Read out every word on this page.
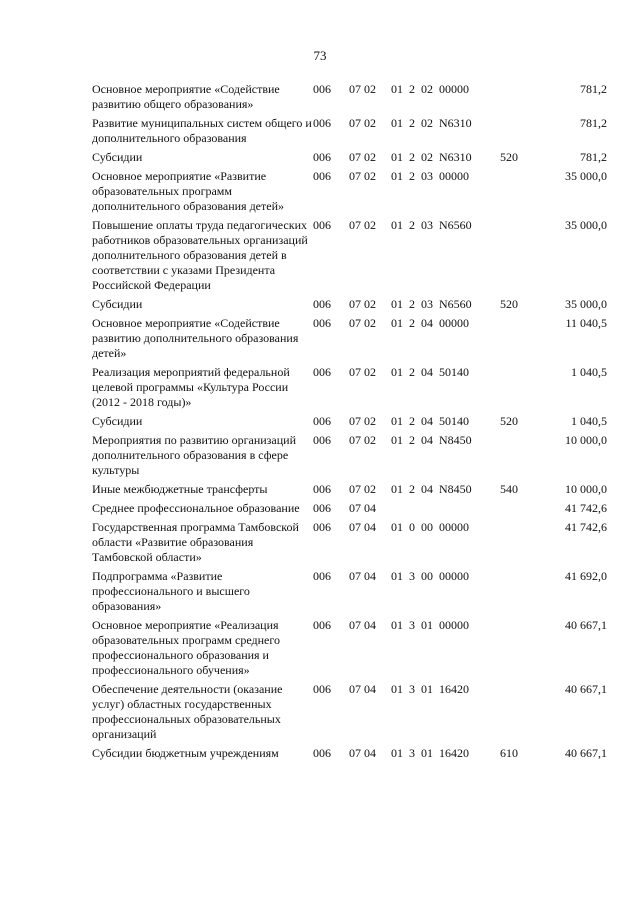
73
Основное мероприятие «Содействие развитию общего образования»	006	07 02	01  2  02  00000		781,2
Развитие муниципальных систем общего и дополнительного образования	006	07 02	01  2  02  N6310		781,2
Субсидии	006	07 02	01  2  02  N6310	520	781,2
Основное мероприятие «Развитие образовательных программ дополнительного образования детей»	006	07 02	01  2  03  00000		35 000,0
Повышение оплаты труда педагогических работников образовательных организаций дополнительного образования детей в соответствии с указами Президента Российской Федерации	006	07 02	01  2  03  N6560		35 000,0
Субсидии	006	07 02	01  2  03  N6560	520	35 000,0
Основное мероприятие «Содействие развитию дополнительного образования детей»	006	07 02	01  2  04  00000		11 040,5
Реализация мероприятий федеральной целевой программы «Культура России (2012 - 2018 годы)»	006	07 02	01  2  04  50140		1 040,5
Субсидии	006	07 02	01  2  04  50140	520	1 040,5
Мероприятия по развитию организаций дополнительного образования в сфере культуры	006	07 02	01  2  04  N8450		10 000,0
Иные межбюджетные трансферты	006	07 02	01  2  04  N8450	540	10 000,0
Среднее профессиональное образование	006	07 04			41 742,6
Государственная программа Тамбовской области «Развитие образования Тамбовской области»	006	07 04	01  0  00  00000		41 742,6
Подпрограмма «Развитие профессионального и высшего образования»	006	07 04	01  3  00  00000		41 692,0
Основное мероприятие «Реализация образовательных программ среднего профессионального образования и профессионального обучения»	006	07 04	01  3  01  00000		40 667,1
Обеспечение деятельности (оказание услуг) областных государственных профессиональных образовательных организаций	006	07 04	01  3  01  16420		40 667,1
Субсидии бюджетным учреждениям	006	07 04	01  3  01  16420	610	40 667,1
